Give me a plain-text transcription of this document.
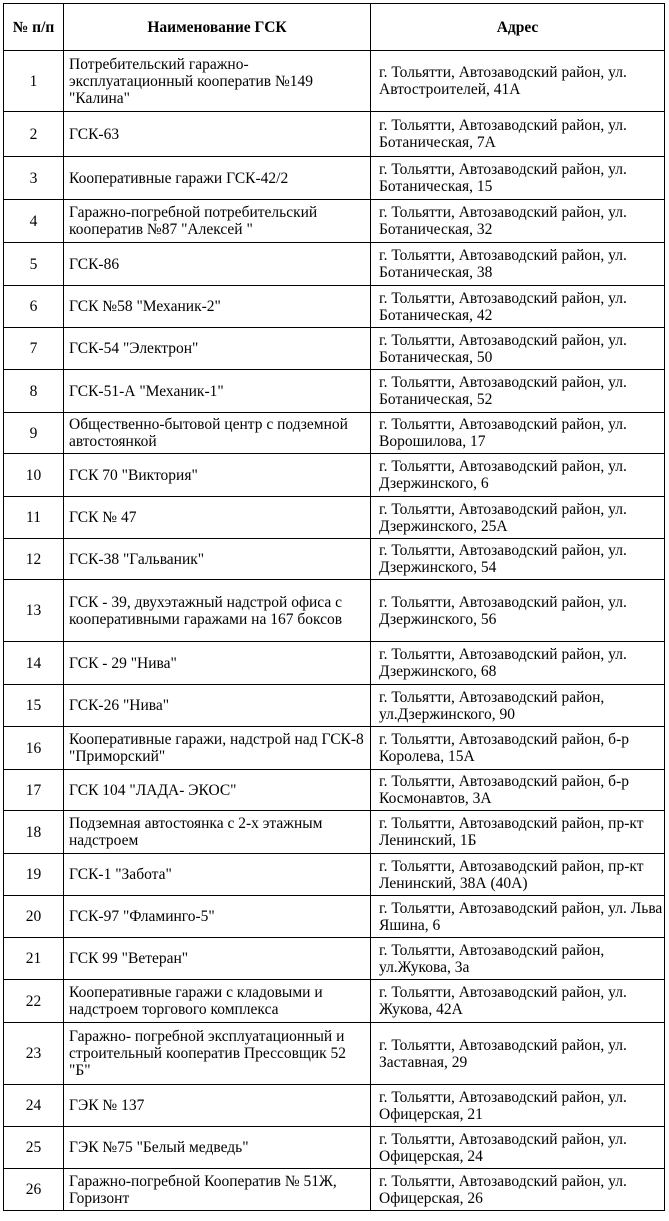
№ п/п	Наименование ГСК	Адрес
1	Потребительский гаражно-эксплуатационный кооператив №149 "Калина"	г. Тольятти, Автозаводский район, ул. Автостроителей, 41А
2	ГСК-63	г. Тольятти, Автозаводский район, ул. Ботаническая, 7А
3	Кооперативные гаражи ГСК-42/2	г. Тольятти, Автозаводский район, ул. Ботаническая, 15
4	Гаражно-погребной потребительский кооператив №87 "Алексей "	г. Тольятти, Автозаводский район, ул. Ботаническая, 32
5	ГСК-86	г. Тольятти, Автозаводский район, ул. Ботаническая, 38
6	ГСК №58 "Механик-2"	г. Тольятти, Автозаводский район, ул. Ботаническая, 42
7	ГСК-54 "Электрон"	г. Тольятти, Автозаводский район, ул. Ботаническая, 50
8	ГСК-51-А "Механик-1"	г. Тольятти, Автозаводский район, ул. Ботаническая, 52
9	Общественно-бытовой центр с подземной автостоянкой	г. Тольятти, Автозаводский район, ул. Ворошилова, 17
10	ГСК 70 "Виктория"	г. Тольятти, Автозаводский район, ул. Дзержинского, 6
11	ГСК № 47	г. Тольятти, Автозаводский район, ул. Дзержинского, 25А
12	ГСК-38 "Гальваник"	г. Тольятти, Автозаводский район, ул. Дзержинского, 54
13	ГСК - 39, двухэтажный надстрой офиса с кооперативными гаражами на 167 боксов	г. Тольятти, Автозаводский район, ул. Дзержинского, 56
14	ГСК - 29 "Нива"	г. Тольятти, Автозаводский район, ул. Дзержинского, 68
15	ГСК-26 "Нива"	г. Тольятти, Автозаводский район, ул.Дзержинского, 90
16	Кооперативные гаражи, надстрой над ГСК-8 "Приморский"	г. Тольятти, Автозаводский район, б-р Королева, 15А
17	ГСК 104 "ЛАДА- ЭКОС"	г. Тольятти, Автозаводский район, б-р Космонавтов, 3А
18	Подземная автостоянка с 2-х этажным надстроем	г. Тольятти, Автозаводский район, пр-кт Ленинский, 1Б
19	ГСК-1 "Забота"	г. Тольятти, Автозаводский район, пр-кт Ленинский, 38А (40А)
20	ГСК-97 "Фламинго-5"	г. Тольятти, Автозаводский район, ул. Льва Яшина, 6
21	ГСК 99 "Ветеран"	г. Тольятти, Автозаводский район, ул.Жукова, 3а
22	Кооперативные гаражи с кладовыми и надстроем торгового комплекса	г. Тольятти, Автозаводский район, ул. Жукова, 42А
23	Гаражно- погребной эксплуатационный и строительный кооператив Прессовщик 52 "Б"	г. Тольятти, Автозаводский район, ул. Заставная, 29
24	ГЭК № 137	г. Тольятти, Автозаводский район, ул. Офицерская, 21
25	ГЭК №75 "Белый медведь"	г. Тольятти, Автозаводский район, ул. Офицерская, 24
26	Гаражно-погребной Кооператив № 51Ж, Горизонт	г. Тольятти, Автозаводский район, ул. Офицерская, 26
